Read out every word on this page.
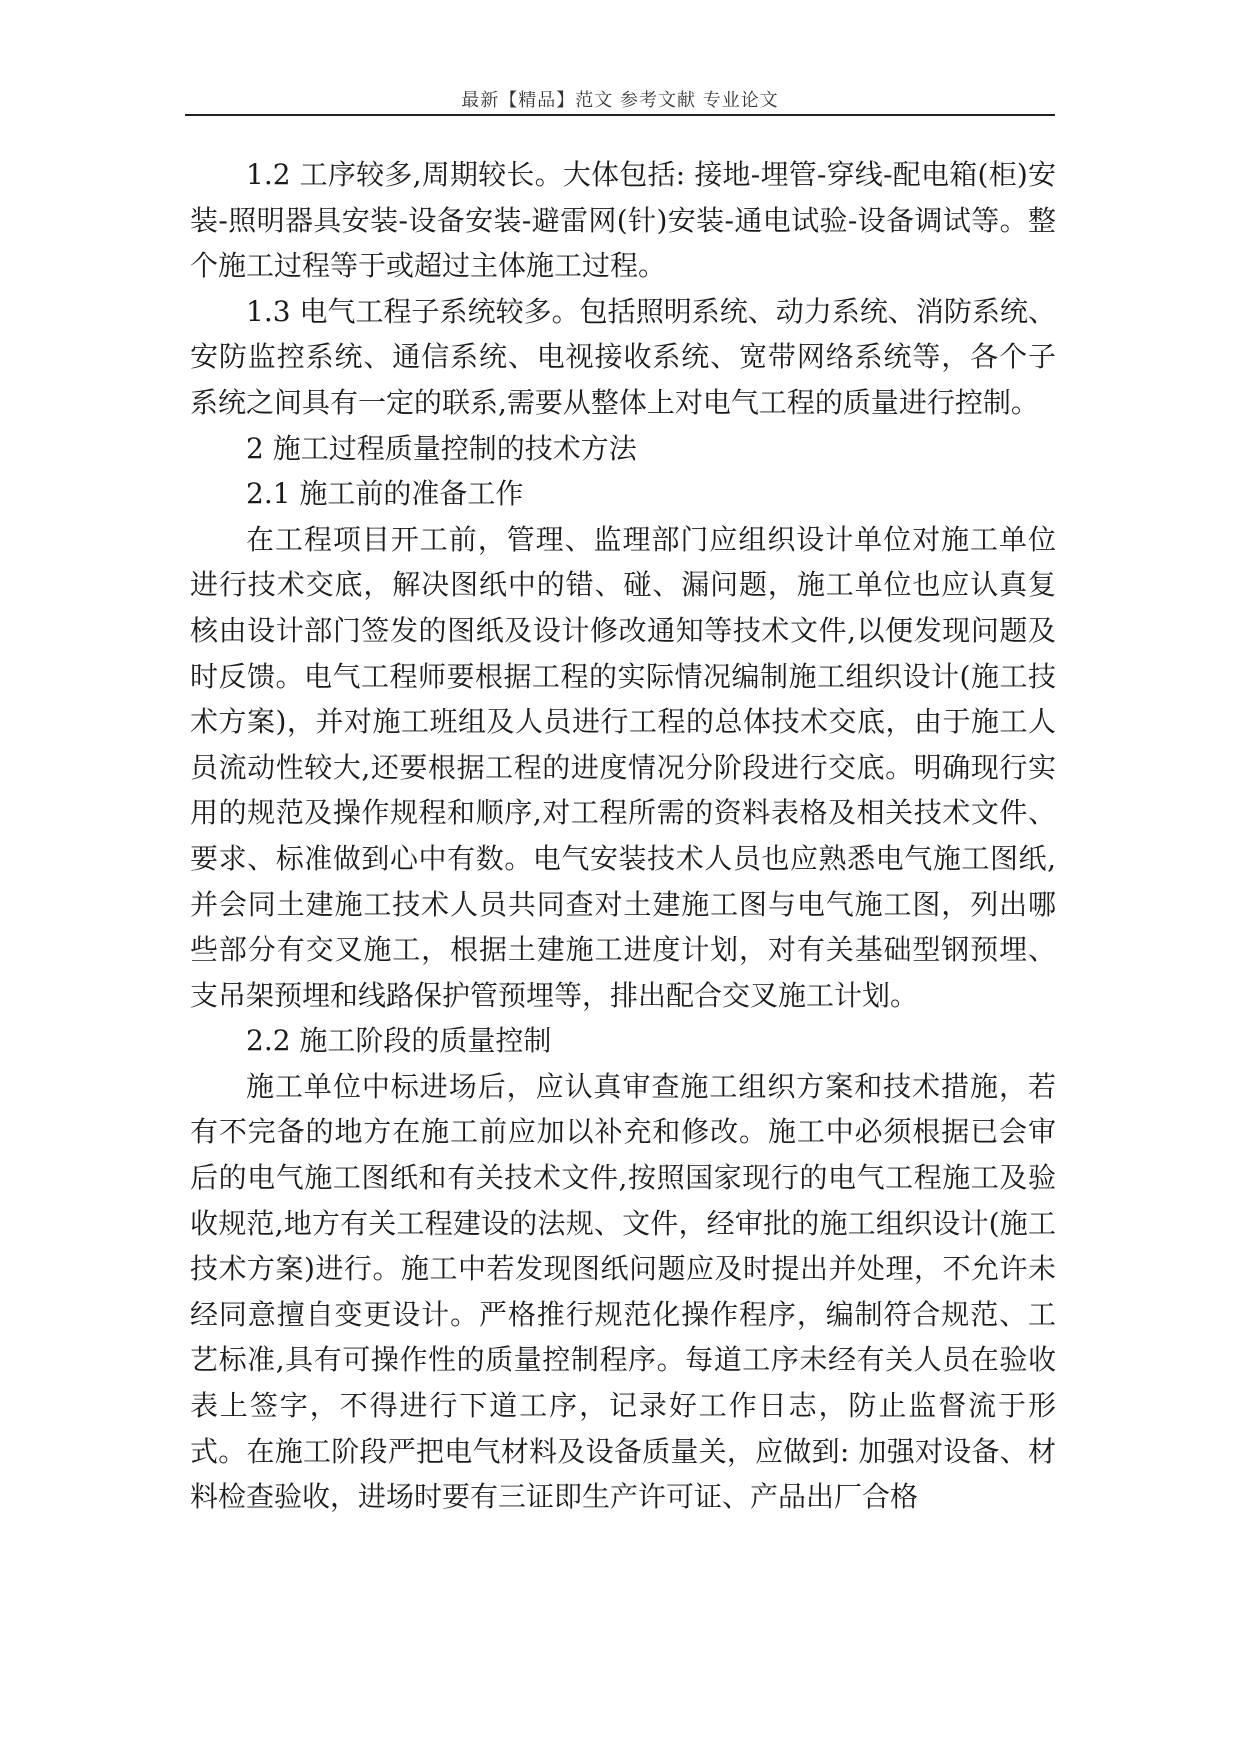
最新【精品】范文 参考文献 专业论文

1.2 工序较多,周期较长。大体包括: 接地-埋管-穿线-配电箱(柜)安装-照明器具安装-设备安装-避雷网(针)安装-通电试验-设备调试等。整个施工过程等于或超过主体施工过程。

1.3 电气工程子系统较多。包括照明系统、动力系统、消防系统、安防监控系统、通信系统、电视接收系统、宽带网络系统等，各个子系统之间具有一定的联系,需要从整体上对电气工程的质量进行控制。

2 施工过程质量控制的技术方法

2.1 施工前的准备工作

在工程项目开工前，管理、监理部门应组织设计单位对施工单位进行技术交底，解决图纸中的错、碰、漏问题，施工单位也应认真复核由设计部门签发的图纸及设计修改通知等技术文件,以便发现问题及时反馈。电气工程师要根据工程的实际情况编制施工组织设计(施工技术方案)，并对施工班组及人员进行工程的总体技术交底，由于施工人员流动性较大,还要根据工程的进度情况分阶段进行交底。明确现行实用的规范及操作规程和顺序,对工程所需的资料表格及相关技术文件、要求、标准做到心中有数。电气安装技术人员也应熟悉电气施工图纸,并会同土建施工技术人员共同查对土建施工图与电气施工图，列出哪些部分有交叉施工，根据土建施工进度计划，对有关基础型钢预埋、支吊架预埋和线路保护管预埋等，排出配合交叉施工计划。

2.2 施工阶段的质量控制

施工单位中标进场后，应认真审查施工组织方案和技术措施，若有不完备的地方在施工前应加以补充和修改。施工中必须根据已会审后的电气施工图纸和有关技术文件,按照国家现行的电气工程施工及验收规范,地方有关工程建设的法规、文件，经审批的施工组织设计(施工技术方案)进行。施工中若发现图纸问题应及时提出并处理，不允许未经同意擅自变更设计。严格推行规范化操作程序，编制符合规范、工艺标准,具有可操作性的质量控制程序。每道工序未经有关人员在验收表上签字，不得进行下道工序，记录好工作日志，防止监督流于形式。在施工阶段严把电气材料及设备质量关，应做到: 加强对设备、材料检查验收，进场时要有三证即生产许可证、产品出厂合格
